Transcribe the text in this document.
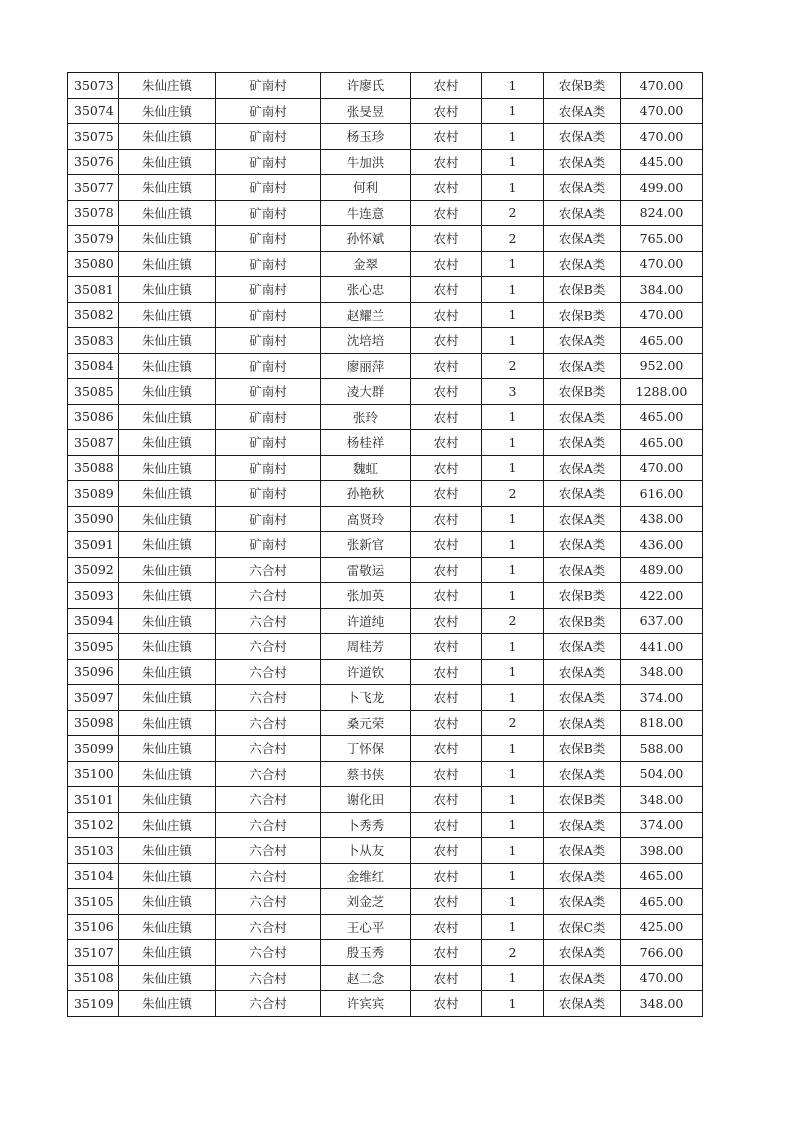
35073	朱仙庄镇	矿南村	许廖氏	农村	1	农保B类	470.00
35074	朱仙庄镇	矿南村	张旻昱	农村	1	农保A类	470.00
35075	朱仙庄镇	矿南村	杨玉珍	农村	1	农保A类	470.00
35076	朱仙庄镇	矿南村	牛加洪	农村	1	农保A类	445.00
35077	朱仙庄镇	矿南村	何利	农村	1	农保A类	499.00
35078	朱仙庄镇	矿南村	牛连意	农村	2	农保A类	824.00
35079	朱仙庄镇	矿南村	孙怀斌	农村	2	农保A类	765.00
35080	朱仙庄镇	矿南村	金翠	农村	1	农保A类	470.00
35081	朱仙庄镇	矿南村	张心忠	农村	1	农保B类	384.00
35082	朱仙庄镇	矿南村	赵耀兰	农村	1	农保B类	470.00
35083	朱仙庄镇	矿南村	沈培培	农村	1	农保A类	465.00
35084	朱仙庄镇	矿南村	廖丽萍	农村	2	农保A类	952.00
35085	朱仙庄镇	矿南村	凌大群	农村	3	农保B类	1288.00
35086	朱仙庄镇	矿南村	张玲	农村	1	农保A类	465.00
35087	朱仙庄镇	矿南村	杨桂祥	农村	1	农保A类	465.00
35088	朱仙庄镇	矿南村	魏虹	农村	1	农保A类	470.00
35089	朱仙庄镇	矿南村	孙艳秋	农村	2	农保A类	616.00
35090	朱仙庄镇	矿南村	高贤玲	农村	1	农保A类	438.00
35091	朱仙庄镇	矿南村	张新官	农村	1	农保A类	436.00
35092	朱仙庄镇	六合村	雷敬运	农村	1	农保A类	489.00
35093	朱仙庄镇	六合村	张加英	农村	1	农保B类	422.00
35094	朱仙庄镇	六合村	许道纯	农村	2	农保B类	637.00
35095	朱仙庄镇	六合村	周桂芳	农村	1	农保A类	441.00
35096	朱仙庄镇	六合村	许道钦	农村	1	农保A类	348.00
35097	朱仙庄镇	六合村	卜飞龙	农村	1	农保A类	374.00
35098	朱仙庄镇	六合村	桑元荣	农村	2	农保A类	818.00
35099	朱仙庄镇	六合村	丁怀保	农村	1	农保B类	588.00
35100	朱仙庄镇	六合村	蔡书侠	农村	1	农保A类	504.00
35101	朱仙庄镇	六合村	谢化田	农村	1	农保B类	348.00
35102	朱仙庄镇	六合村	卜秀秀	农村	1	农保A类	374.00
35103	朱仙庄镇	六合村	卜从友	农村	1	农保A类	398.00
35104	朱仙庄镇	六合村	金维红	农村	1	农保A类	465.00
35105	朱仙庄镇	六合村	刘金芝	农村	1	农保A类	465.00
35106	朱仙庄镇	六合村	王心平	农村	1	农保C类	425.00
35107	朱仙庄镇	六合村	殷玉秀	农村	2	农保A类	766.00
35108	朱仙庄镇	六合村	赵二念	农村	1	农保A类	470.00
35109	朱仙庄镇	六合村	许宾宾	农村	1	农保A类	348.00
